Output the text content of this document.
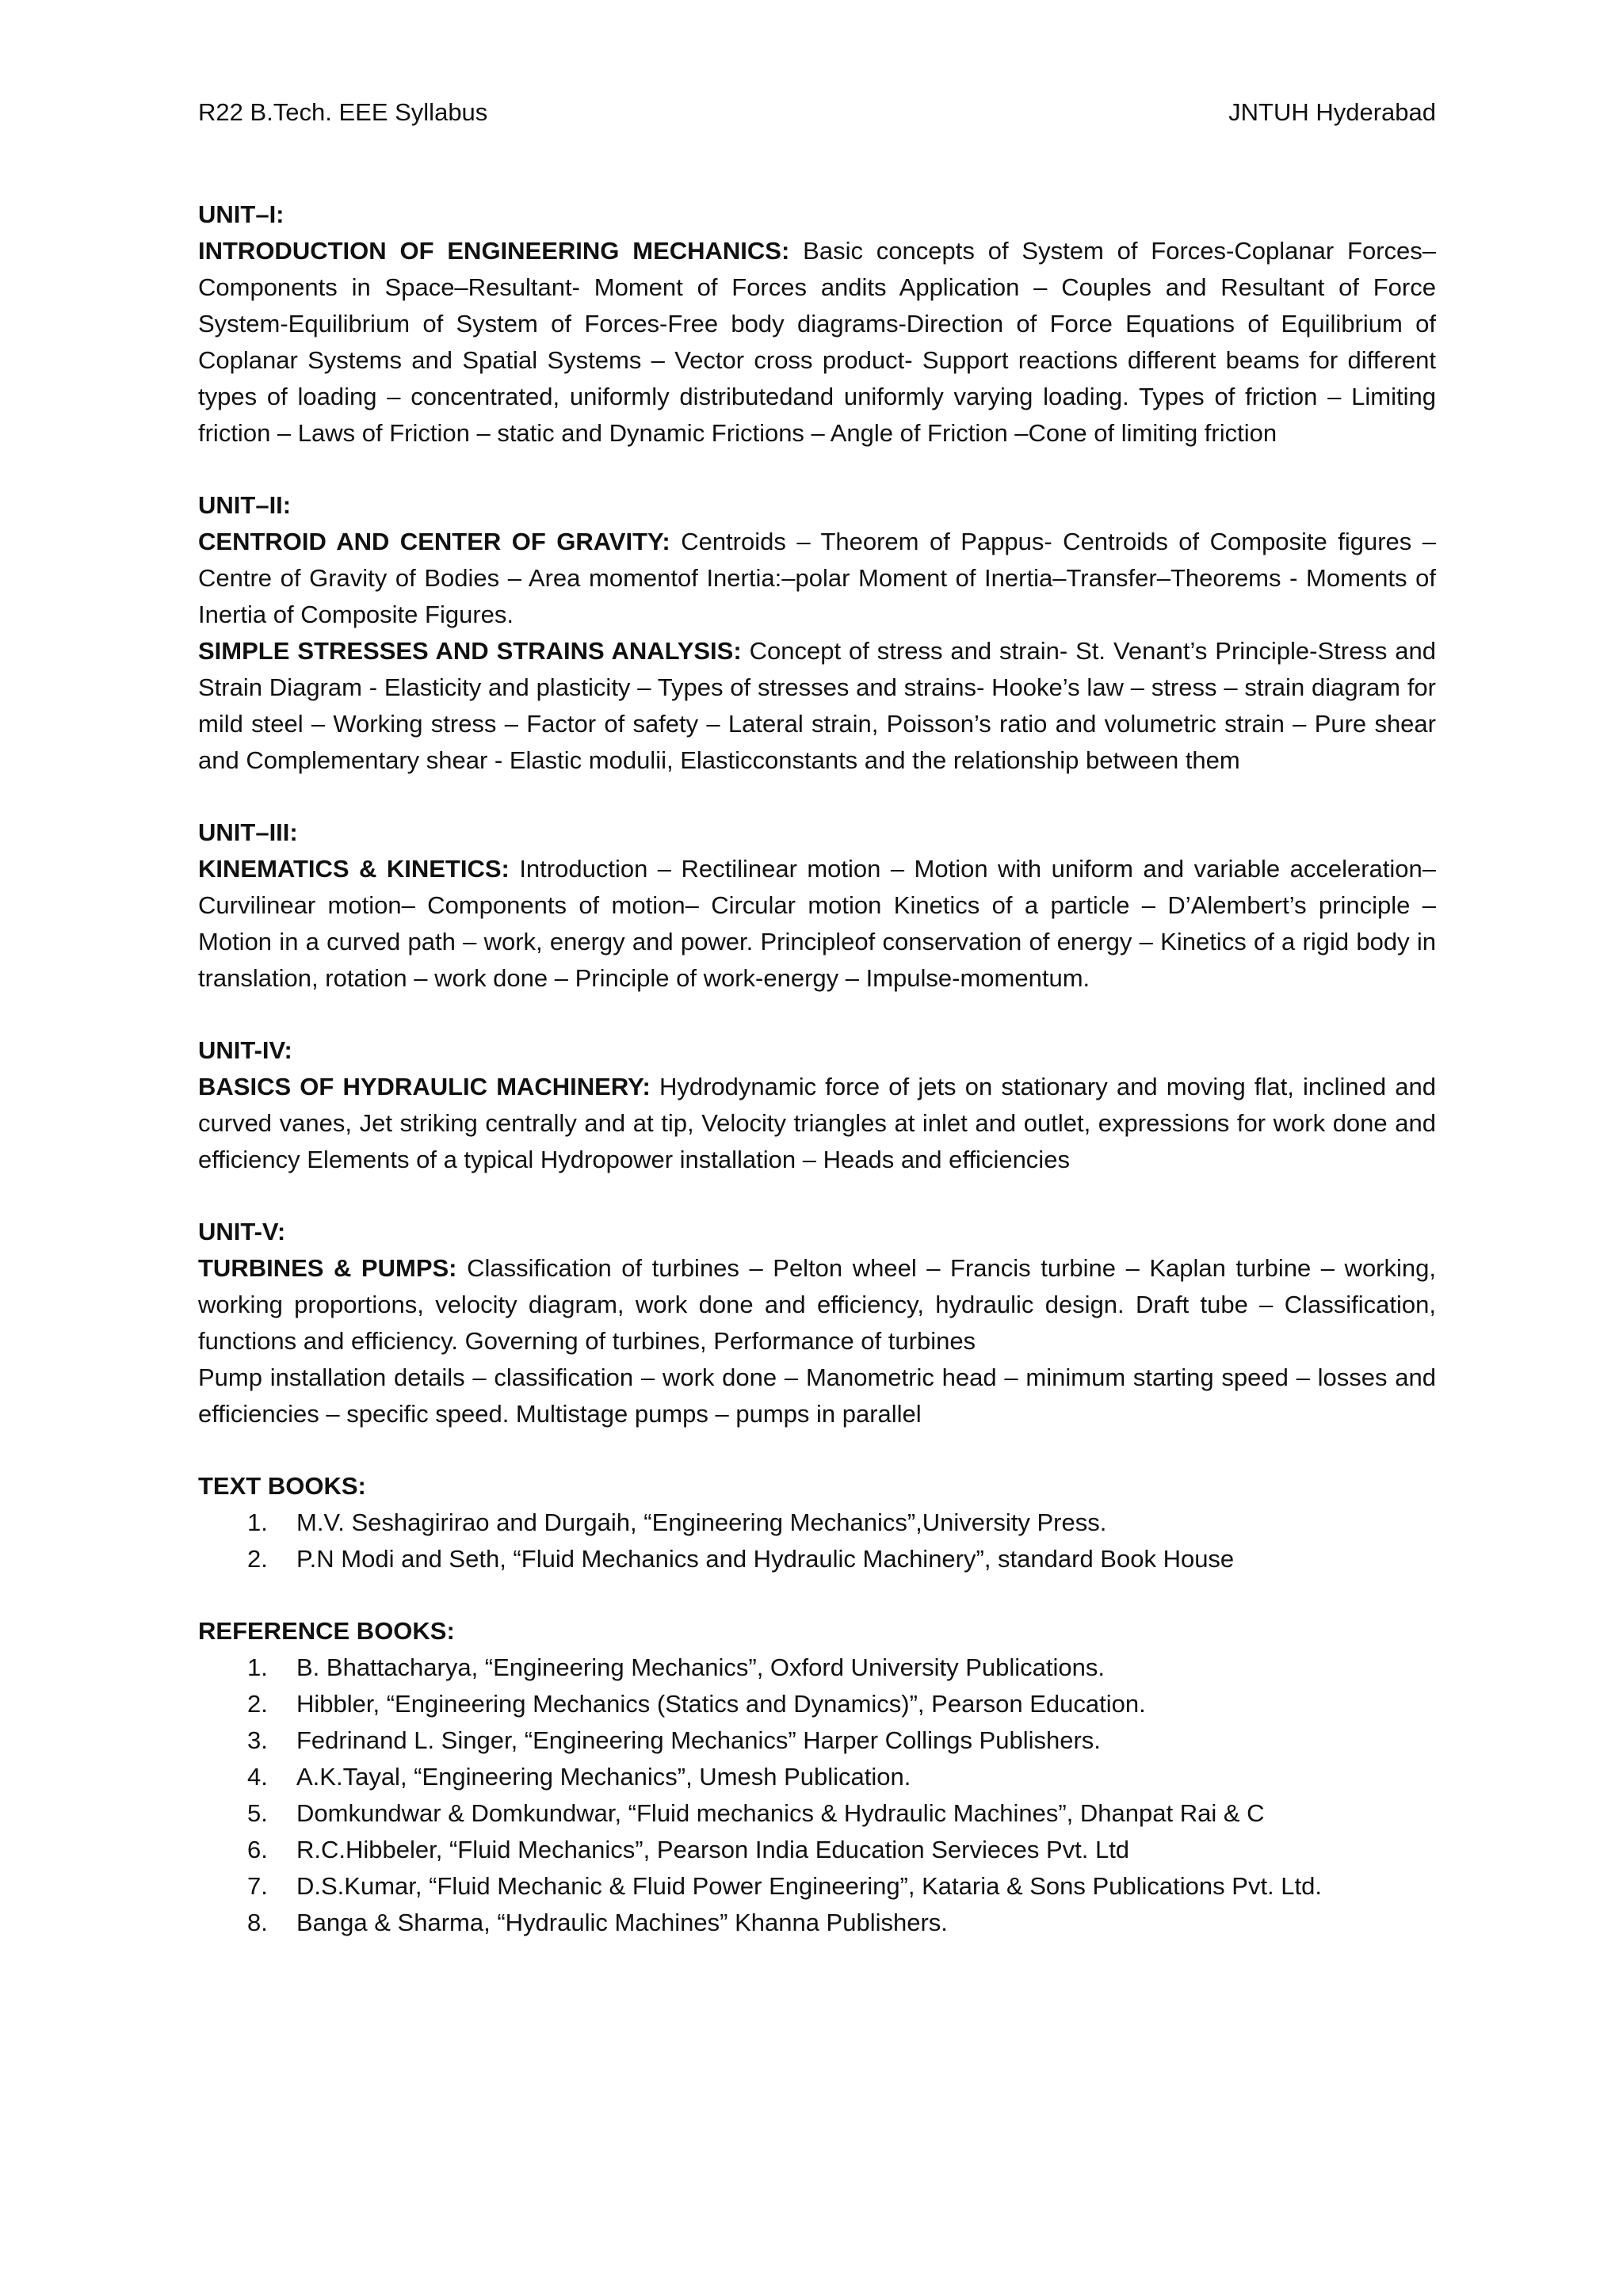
R22 B.Tech. EEE Syllabus	JNTUH Hyderabad
UNIT–I:

INTRODUCTION OF ENGINEERING MECHANICS: Basic concepts of System of Forces-Coplanar Forces–Components in Space–Resultant- Moment of Forces andits Application – Couples and Resultant of Force System-Equilibrium of System of Forces-Free body diagrams-Direction of Force Equations of Equilibrium of Coplanar Systems and Spatial Systems – Vector cross product- Support reactions different beams for different types of loading – concentrated, uniformly distributedand uniformly varying loading. Types of friction – Limiting friction – Laws of Friction – static and Dynamic Frictions – Angle of Friction –Cone of limiting friction

UNIT–II:

CENTROID AND CENTER OF GRAVITY: Centroids – Theorem of Pappus- Centroids of Composite figures – Centre of Gravity of Bodies – Area momentof Inertia:–polar Moment of Inertia–Transfer–Theorems - Moments of Inertia of Composite Figures.

SIMPLE STRESSES AND STRAINS ANALYSIS: Concept of stress and strain- St. Venant’s Principle-Stress and Strain Diagram - Elasticity and plasticity – Types of stresses and strains- Hooke’s law – stress – strain diagram for mild steel – Working stress – Factor of safety – Lateral strain, Poisson’s ratio and volumetric strain – Pure shear and Complementary shear - Elastic modulii, Elasticconstants and the relationship between them

UNIT–III:

KINEMATICS & KINETICS: Introduction – Rectilinear motion – Motion with uniform and variable acceleration–Curvilinear motion– Components of motion– Circular motion Kinetics of a particle – D’Alembert’s principle – Motion in a curved path – work, energy and power. Principleof conservation of energy – Kinetics of a rigid body in translation, rotation – work done – Principle of work-energy – Impulse-momentum.

UNIT-IV:

BASICS OF HYDRAULIC MACHINERY: Hydrodynamic force of jets on stationary and moving flat, inclined and curved vanes, Jet striking centrally and at tip, Velocity triangles at inlet and outlet, expressions for work done and efficiency Elements of a typical Hydropower installation – Heads and efficiencies

UNIT-V:

TURBINES & PUMPS: Classification of turbines – Pelton wheel – Francis turbine – Kaplan turbine – working, working proportions, velocity diagram, work done and efficiency, hydraulic design. Draft tube – Classification, functions and efficiency. Governing of turbines, Performance of turbines

Pump installation details – classification – work done – Manometric head – minimum starting speed – losses and efficiencies – specific speed. Multistage pumps – pumps in parallel

TEXT BOOKS:
1. M.V. Seshagirirao and Durgaih, “Engineering Mechanics”,University Press.
2. P.N Modi and Seth, “Fluid Mechanics and Hydraulic Machinery”, standard Book House
REFERENCE BOOKS:
1. B. Bhattacharya, “Engineering Mechanics”, Oxford University Publications.
2. Hibbler, “Engineering Mechanics (Statics and Dynamics)”, Pearson Education.
3. Fedrinand L. Singer, “Engineering Mechanics” Harper Collings Publishers.
4. A.K.Tayal, “Engineering Mechanics”, Umesh Publication.
5. Domkundwar & Domkundwar, “Fluid mechanics & Hydraulic Machines”, Dhanpat Rai & C
6. R.C.Hibbeler, “Fluid Mechanics”, Pearson India Education Servieces Pvt. Ltd
7. D.S.Kumar, “Fluid Mechanic & Fluid Power Engineering”, Kataria & Sons Publications Pvt. Ltd.
8. Banga & Sharma, “Hydraulic Machines” Khanna Publishers.
